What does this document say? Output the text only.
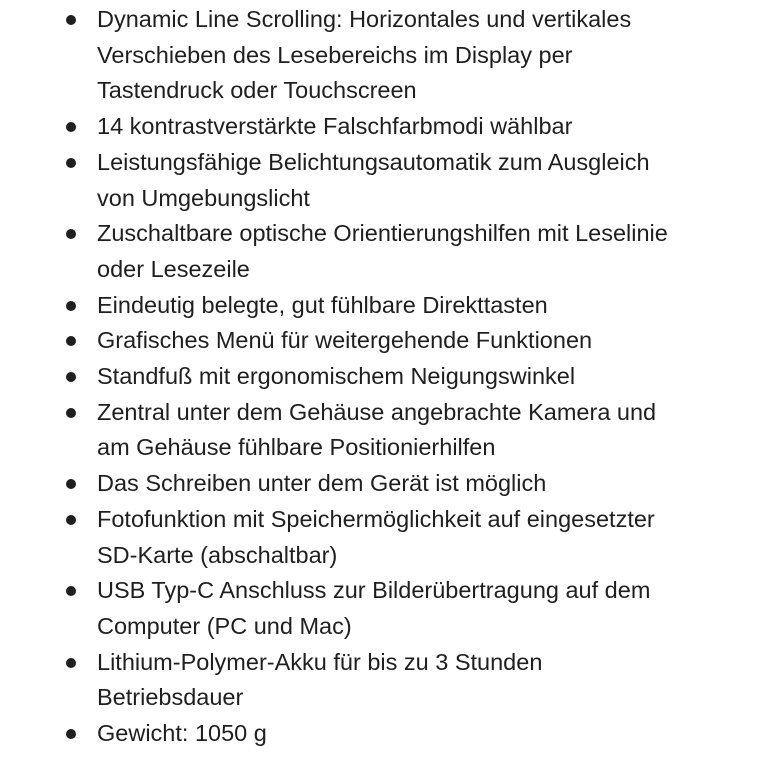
Dynamic Line Scrolling: Horizontales und vertikales
Verschieben des Lesebereichs im Display per
Tastendruck oder Touchscreen
14 kontrastverstärkte Falschfarbmodi wählbar
Leistungsfähige Belichtungsautomatik zum Ausgleich
von Umgebungslicht
Zuschaltbare optische Orientierungshilfen mit Leselinie
oder Lesezeile
Eindeutig belegte, gut fühlbare Direkttasten
Grafisches Menü für weitergehende Funktionen
Standfuß mit ergonomischem Neigungswinkel
Zentral unter dem Gehäuse angebrachte Kamera und
am Gehäuse fühlbare Positionierhilfen
Das Schreiben unter dem Gerät ist möglich
Fotofunktion mit Speichermöglichkeit auf eingesetzter
SD-Karte (abschaltbar)
USB Typ-C Anschluss zur Bilderübertragung auf dem
Computer (PC und Mac)
Lithium-Polymer-Akku für bis zu 3 Stunden
Betriebsdauer
Gewicht: 1050 g
